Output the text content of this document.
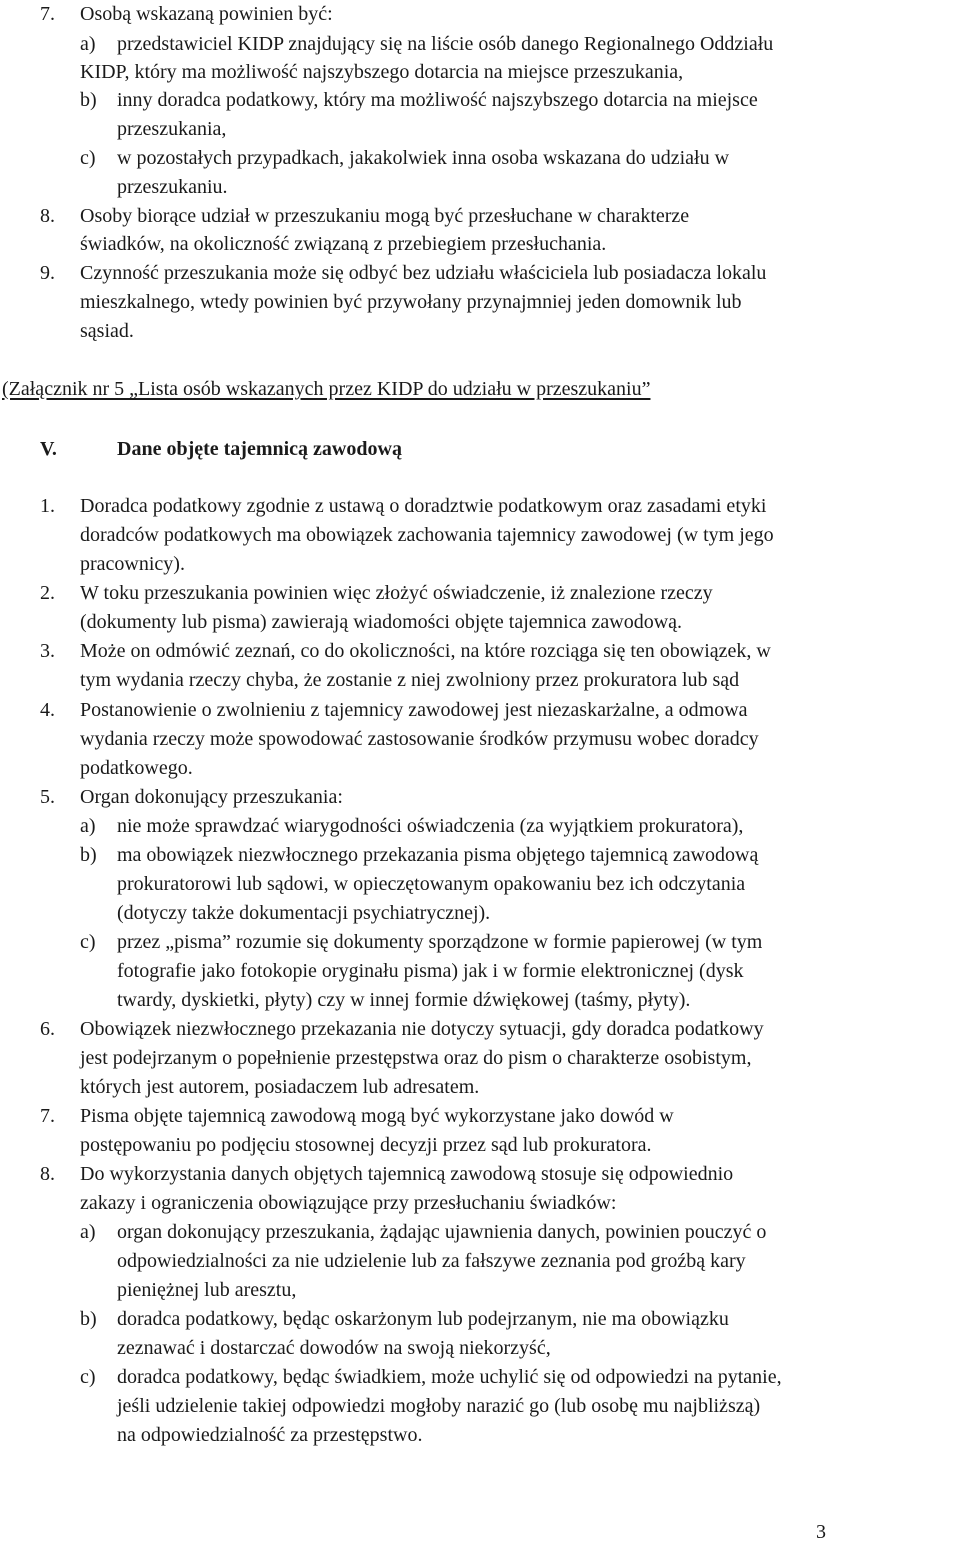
7. Osobą wskazaną powinien być:
a) przedstawiciel KIDP znajdujący się na liście osób danego Regionalnego Oddziału
KIDP, który ma możliwość najszybszego dotarcia na miejsce przeszukania,
b) inny doradca podatkowy, który ma możliwość najszybszego dotarcia na miejsce
przeszukania,
c) w pozostałych przypadkach, jakakolwiek inna osoba wskazana do udziału w
przeszukaniu.
8. Osoby biorące udział w przeszukaniu mogą być przesłuchane w charakterze
świadków, na okoliczność związaną z przebiegiem przesłuchania.
9. Czynność przeszukania może się odbyć bez udziału właściciela lub posiadacza lokalu
mieszkalnego, wtedy powinien być przywołany przynajmniej jeden domownik lub
sąsiad.
(Załącznik nr 5 „Lista osób wskazanych przez KIDP do udziału w przeszukaniu”
V.	Dane objęte tajemnicą zawodową
1. Doradca podatkowy zgodnie z ustawą o doradztwie podatkowym oraz zasadami etyki
doradców podatkowych ma obowiązek zachowania tajemnicy zawodowej (w tym jego
pracownicy).
2. W toku przeszukania powinien więc złożyć oświadczenie, iż znalezione rzeczy
(dokumenty lub pisma) zawierają wiadomości objęte tajemnica zawodową.
3. Może on odmówić zeznań, co do okoliczności, na które rozciąga się ten obowiązek, w
tym wydania rzeczy chyba, że zostanie z niej zwolniony przez prokuratora lub sąd
4. Postanowienie o zwolnieniu z tajemnicy zawodowej jest niezaskarżalne, a odmowa
wydania rzeczy może spowodować zastosowanie środków przymusu wobec doradcy
podatkowego.
5. Organ dokonujący przeszukania:
a) nie może sprawdzać wiarygodności oświadczenia (za wyjątkiem prokuratora),
b) ma obowiązek niezwłocznego przekazania pisma objętego tajemnicą zawodową
prokuratorowi lub sądowi, w opieczętowanym opakowaniu bez ich odczytania
(dotyczy także dokumentacji psychiatrycznej).
c) przez „pisma” rozumie się dokumenty sporządzone w formie papierowej (w tym
fotografie jako fotokopie oryginału pisma) jak i w formie elektronicznej (dysk
twardy, dyskietki, płyty) czy w innej formie dźwiękowej (taśmy, płyty).
6. Obowiązek niezwłocznego przekazania nie dotyczy sytuacji, gdy doradca podatkowy
jest podejrzanym o popełnienie przestępstwa oraz do pism o charakterze osobistym,
których jest autorem, posiadaczem lub adresatem.
7. Pisma objęte tajemnicą zawodową mogą być wykorzystane jako dowód w
postępowaniu po podjęciu stosownej decyzji przez sąd lub prokuratora.
8. Do wykorzystania danych objętych tajemnicą zawodową stosuje się odpowiednio
zakazy i ograniczenia obowiązujące przy przesłuchaniu świadków:
a) organ dokonujący przeszukania, żądając ujawnienia danych, powinien pouczyć o
odpowiedzialności za nie udzielenie lub za fałszywe zeznania pod groźbą kary
pieniężnej lub aresztu,
b) doradca podatkowy, będąc oskarżonym lub podejrzanym, nie ma obowiązku
zeznawać i dostarczać dowodów na swoją niekorzyść,
c) doradca podatkowy, będąc świadkiem, może uchylić się od odpowiedzi na pytanie,
jeśli udzielenie takiej odpowiedzi mogłoby narazić go (lub osobę mu najbliższą)
na odpowiedzialność za przestępstwo.
3
